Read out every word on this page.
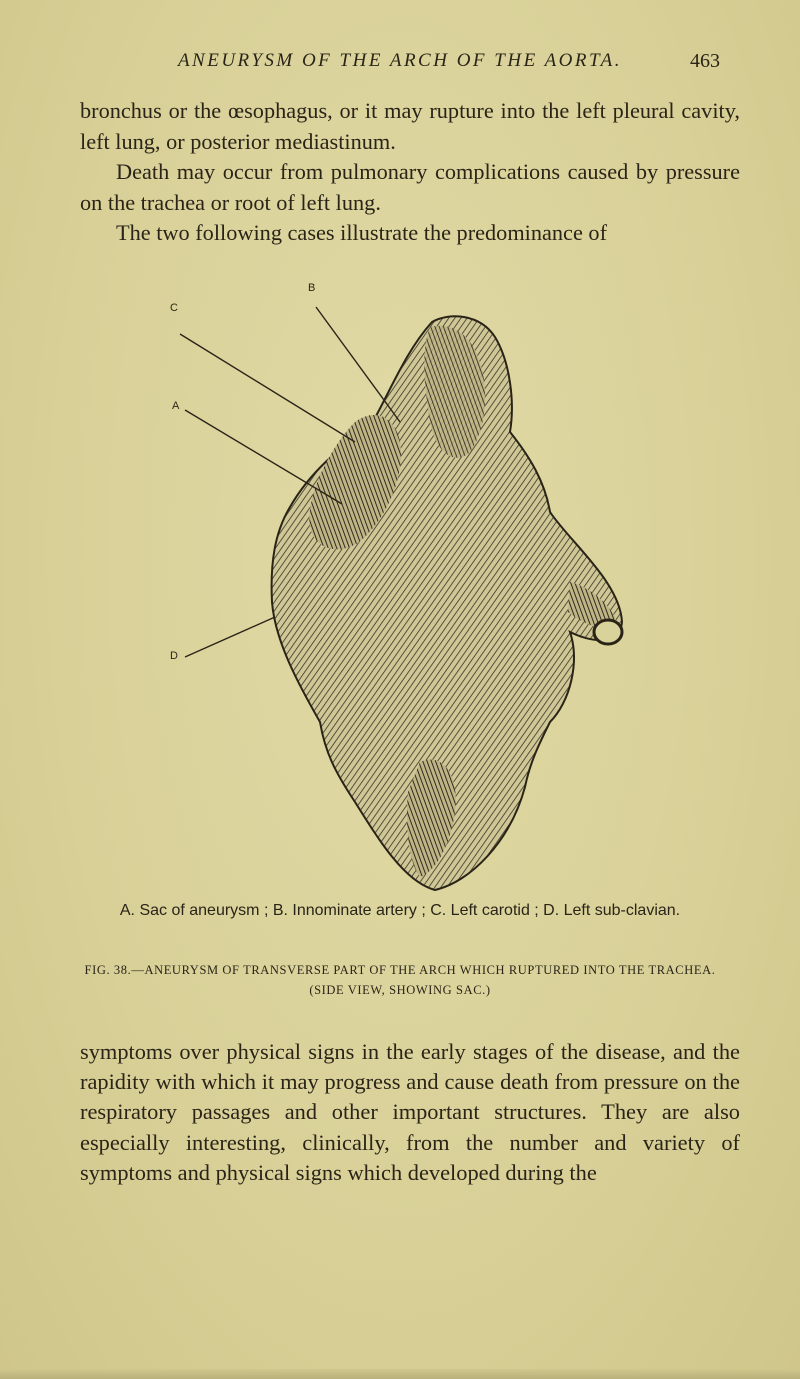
ANEURYSM OF THE ARCH OF THE AORTA.	463

bronchus or the œsophagus, or it may rupture into the left pleural cavity, left lung, or posterior mediastinum.

Death may occur from pulmonary complications caused by pressure on the trachea or root of left lung.

The two following cases illustrate the predominance of

B
C
A
D
A. Sac of aneurysm ; B. Innominate artery ; C. Left carotid ; D. Left sub-clavian.
FIG. 38.—ANEURYSM OF TRANSVERSE PART OF THE ARCH WHICH RUPTURED INTO THE TRACHEA. (SIDE VIEW, SHOWING SAC.)

symptoms over physical signs in the early stages of the disease, and the rapidity with which it may progress and cause death from pressure on the respiratory passages and other important structures. They are also especially interesting, clinically, from the number and variety of symptoms and physical signs which developed during the
